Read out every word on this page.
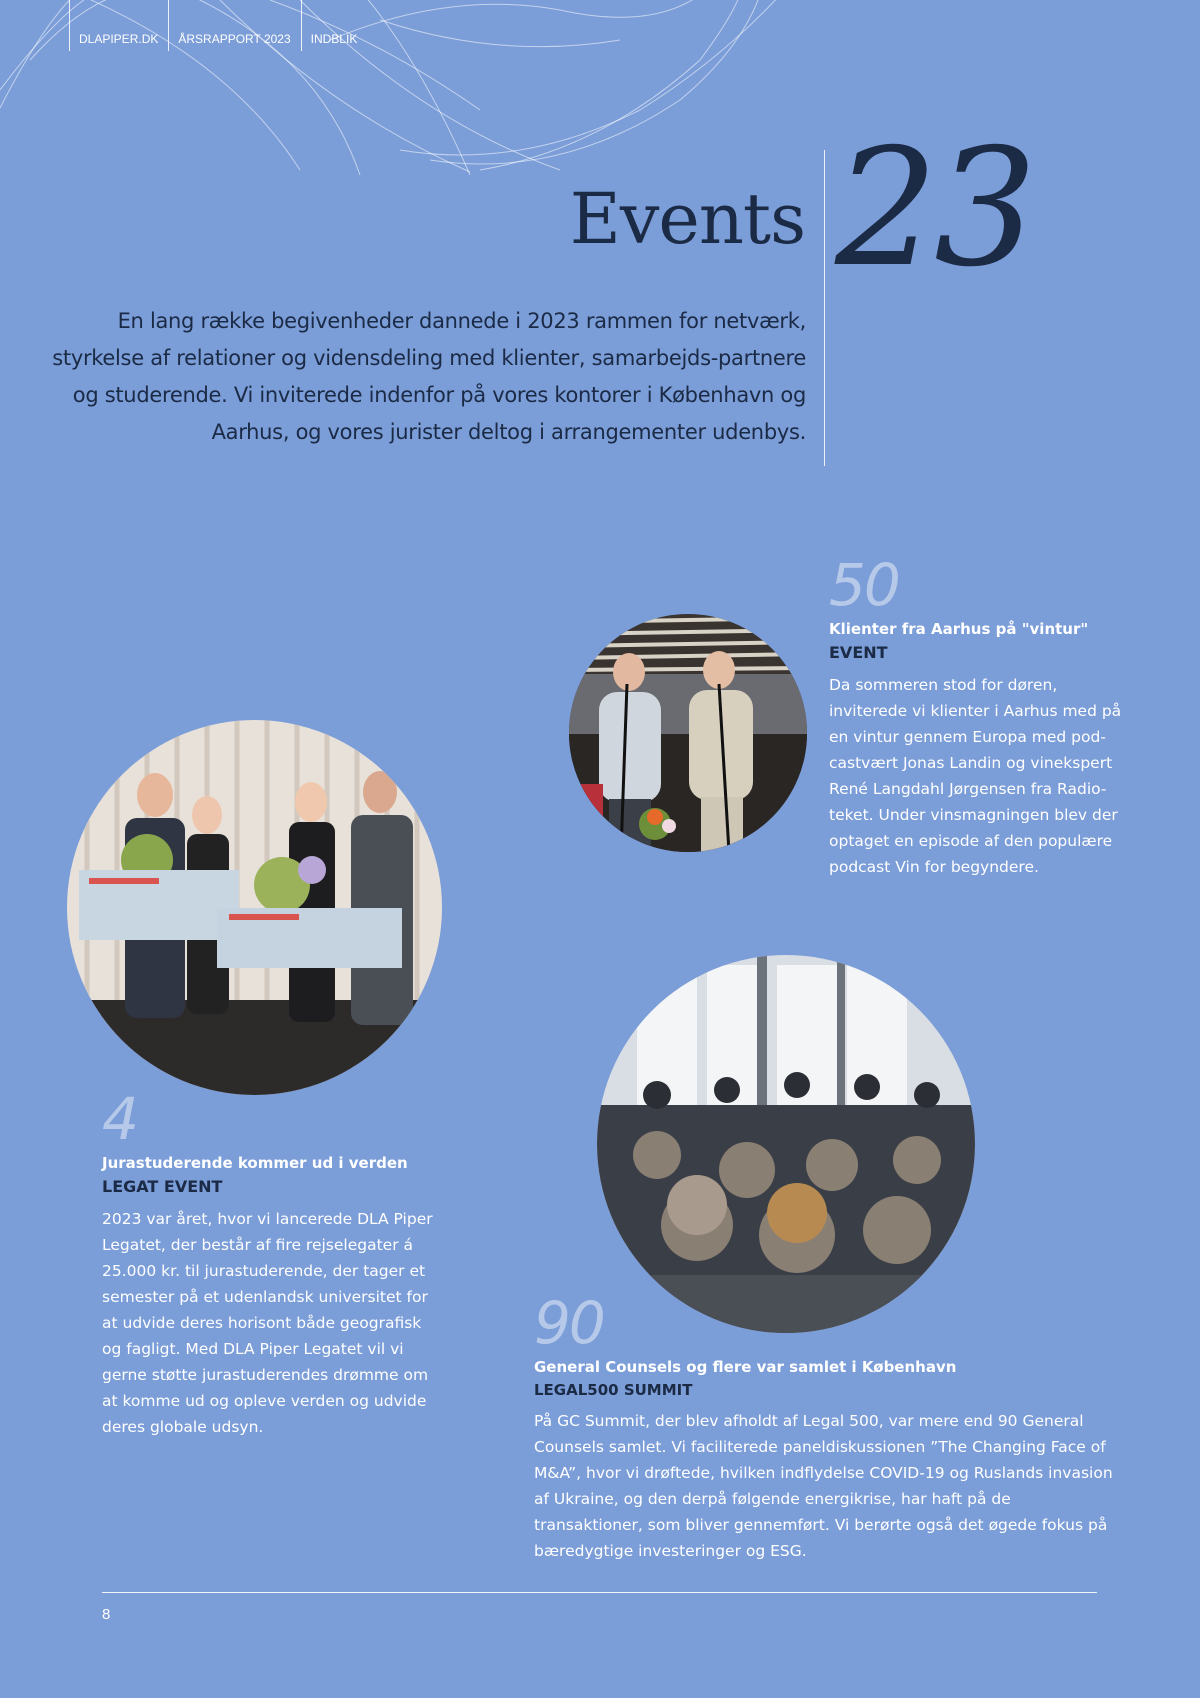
DLAPIPER.DK	ÅRSRAPPORT 2023	INDBLIK
Events 23

En lang række begivenheder dannede i 2023 rammen for netværk, styrkelse af relationer og vidensdeling med klienter, samarbejds-partnere og studerende. Vi inviterede indenfor på vores kontorer i København og Aarhus, og vores jurister deltog i arrangementer udenbys.

50
Klienter fra Aarhus på "vintur"
EVENT

Da sommeren stod for døren, inviterede vi klienter i Aarhus med på en vintur gennem Europa med pod-castvært Jonas Landin og vinekspert René Langdahl Jørgensen fra Radio-teket. Under vinsmagningen blev der optaget en episode af den populære podcast Vin for begyndere.

4
Jurastuderende kommer ud i verden
LEGAT EVENT

2023 var året, hvor vi lancerede DLA Piper Legatet, der består af fire rejselegater á 25.000 kr. til jurastuderende, der tager et semester på et udenlandsk universitet for at udvide deres horisont både geografisk og fagligt. Med DLA Piper Legatet vil vi gerne støtte jurastuderendes drømme om at komme ud og opleve verden og udvide deres globale udsyn.

90
General Counsels og flere var samlet i København
LEGAL500 SUMMIT

På GC Summit, der blev afholdt af Legal 500, var mere end 90 General Counsels samlet. Vi faciliterede paneldiskussionen ”The Changing Face of M&A”, hvor vi drøftede, hvilken indflydelse COVID-19 og Ruslands invasion af Ukraine, og den derpå følgende energikrise, har haft på de transaktioner, som bliver gennemført. Vi berørte også det øgede fokus på bæredygtige investeringer og ESG.

8
